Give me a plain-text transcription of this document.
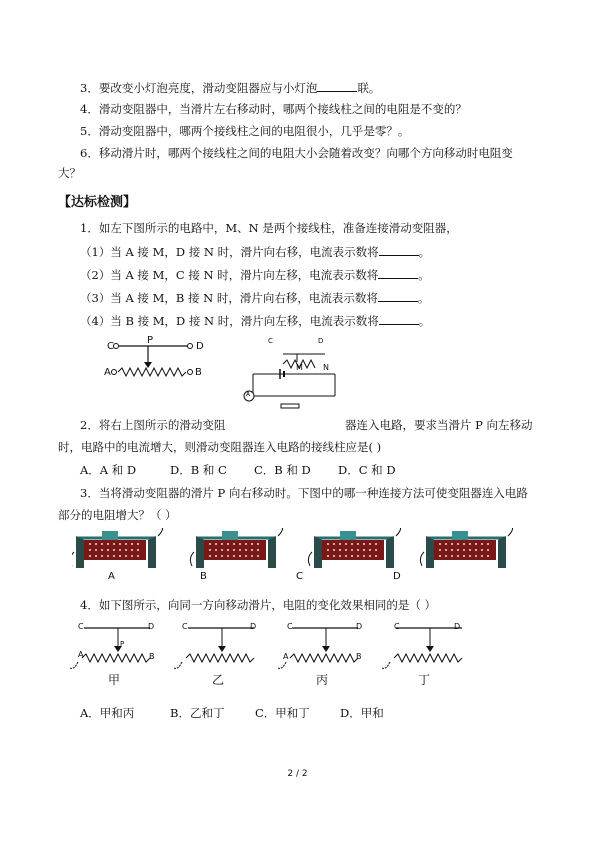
3．要改变小灯泡亮度，滑动变阻器应与小灯泡	联。
4．滑动变阻器中，当滑片左右移动时，哪两个接线柱之间的电阻是不变的？
5．滑动变阻器中，哪两个接线柱之间的电阻很小，几乎是零？。
6．移动滑片时，哪两个接线柱之间的电阻大小会随着改变？向哪个方向移动时电阻变
大？
【达标检测】
1．如左下图所示的电路中，M、N 是两个接线柱，准备连接滑动变阻器，
（1）当 A 接 M，D 接 N 时，滑片向右移，电流表示数将	。
（2）当 A 接 M，C 接 N 时，滑片向左移，电流表示数将	。
（3）当 A 接 M，B 接 N 时，滑片向右移，电流表示数将	。
（4）当 B 接 M，D 接 N 时，滑片向左移，电流表示数将	。
C
P
D
A	B
C	D
M	N
A
2．将右上图所示的滑动变阻	器连入电路，要求当滑片 P 向左移动
时，电路中的电流增大，则滑动变阻器连入电路的接线柱应是( )
A．A 和 D	D．B 和 C C．B 和 D D．C 和 D
3．当将滑动变阻器的滑片 P 向右移动时。下图中的哪一种连接方法可使变阻器连入电路
部分的电阻增大？（ ）
A	B	C	D
4．如下图所示，向同一方向移动滑片，电阻的变化效果相同的是（ ）
C	D
P
A	B
C	D	C	D
A	B
C	D
甲	乙	丙	丁
A．甲和丙	B．乙和丁	C．甲和丁	D．甲和
2 / 2
